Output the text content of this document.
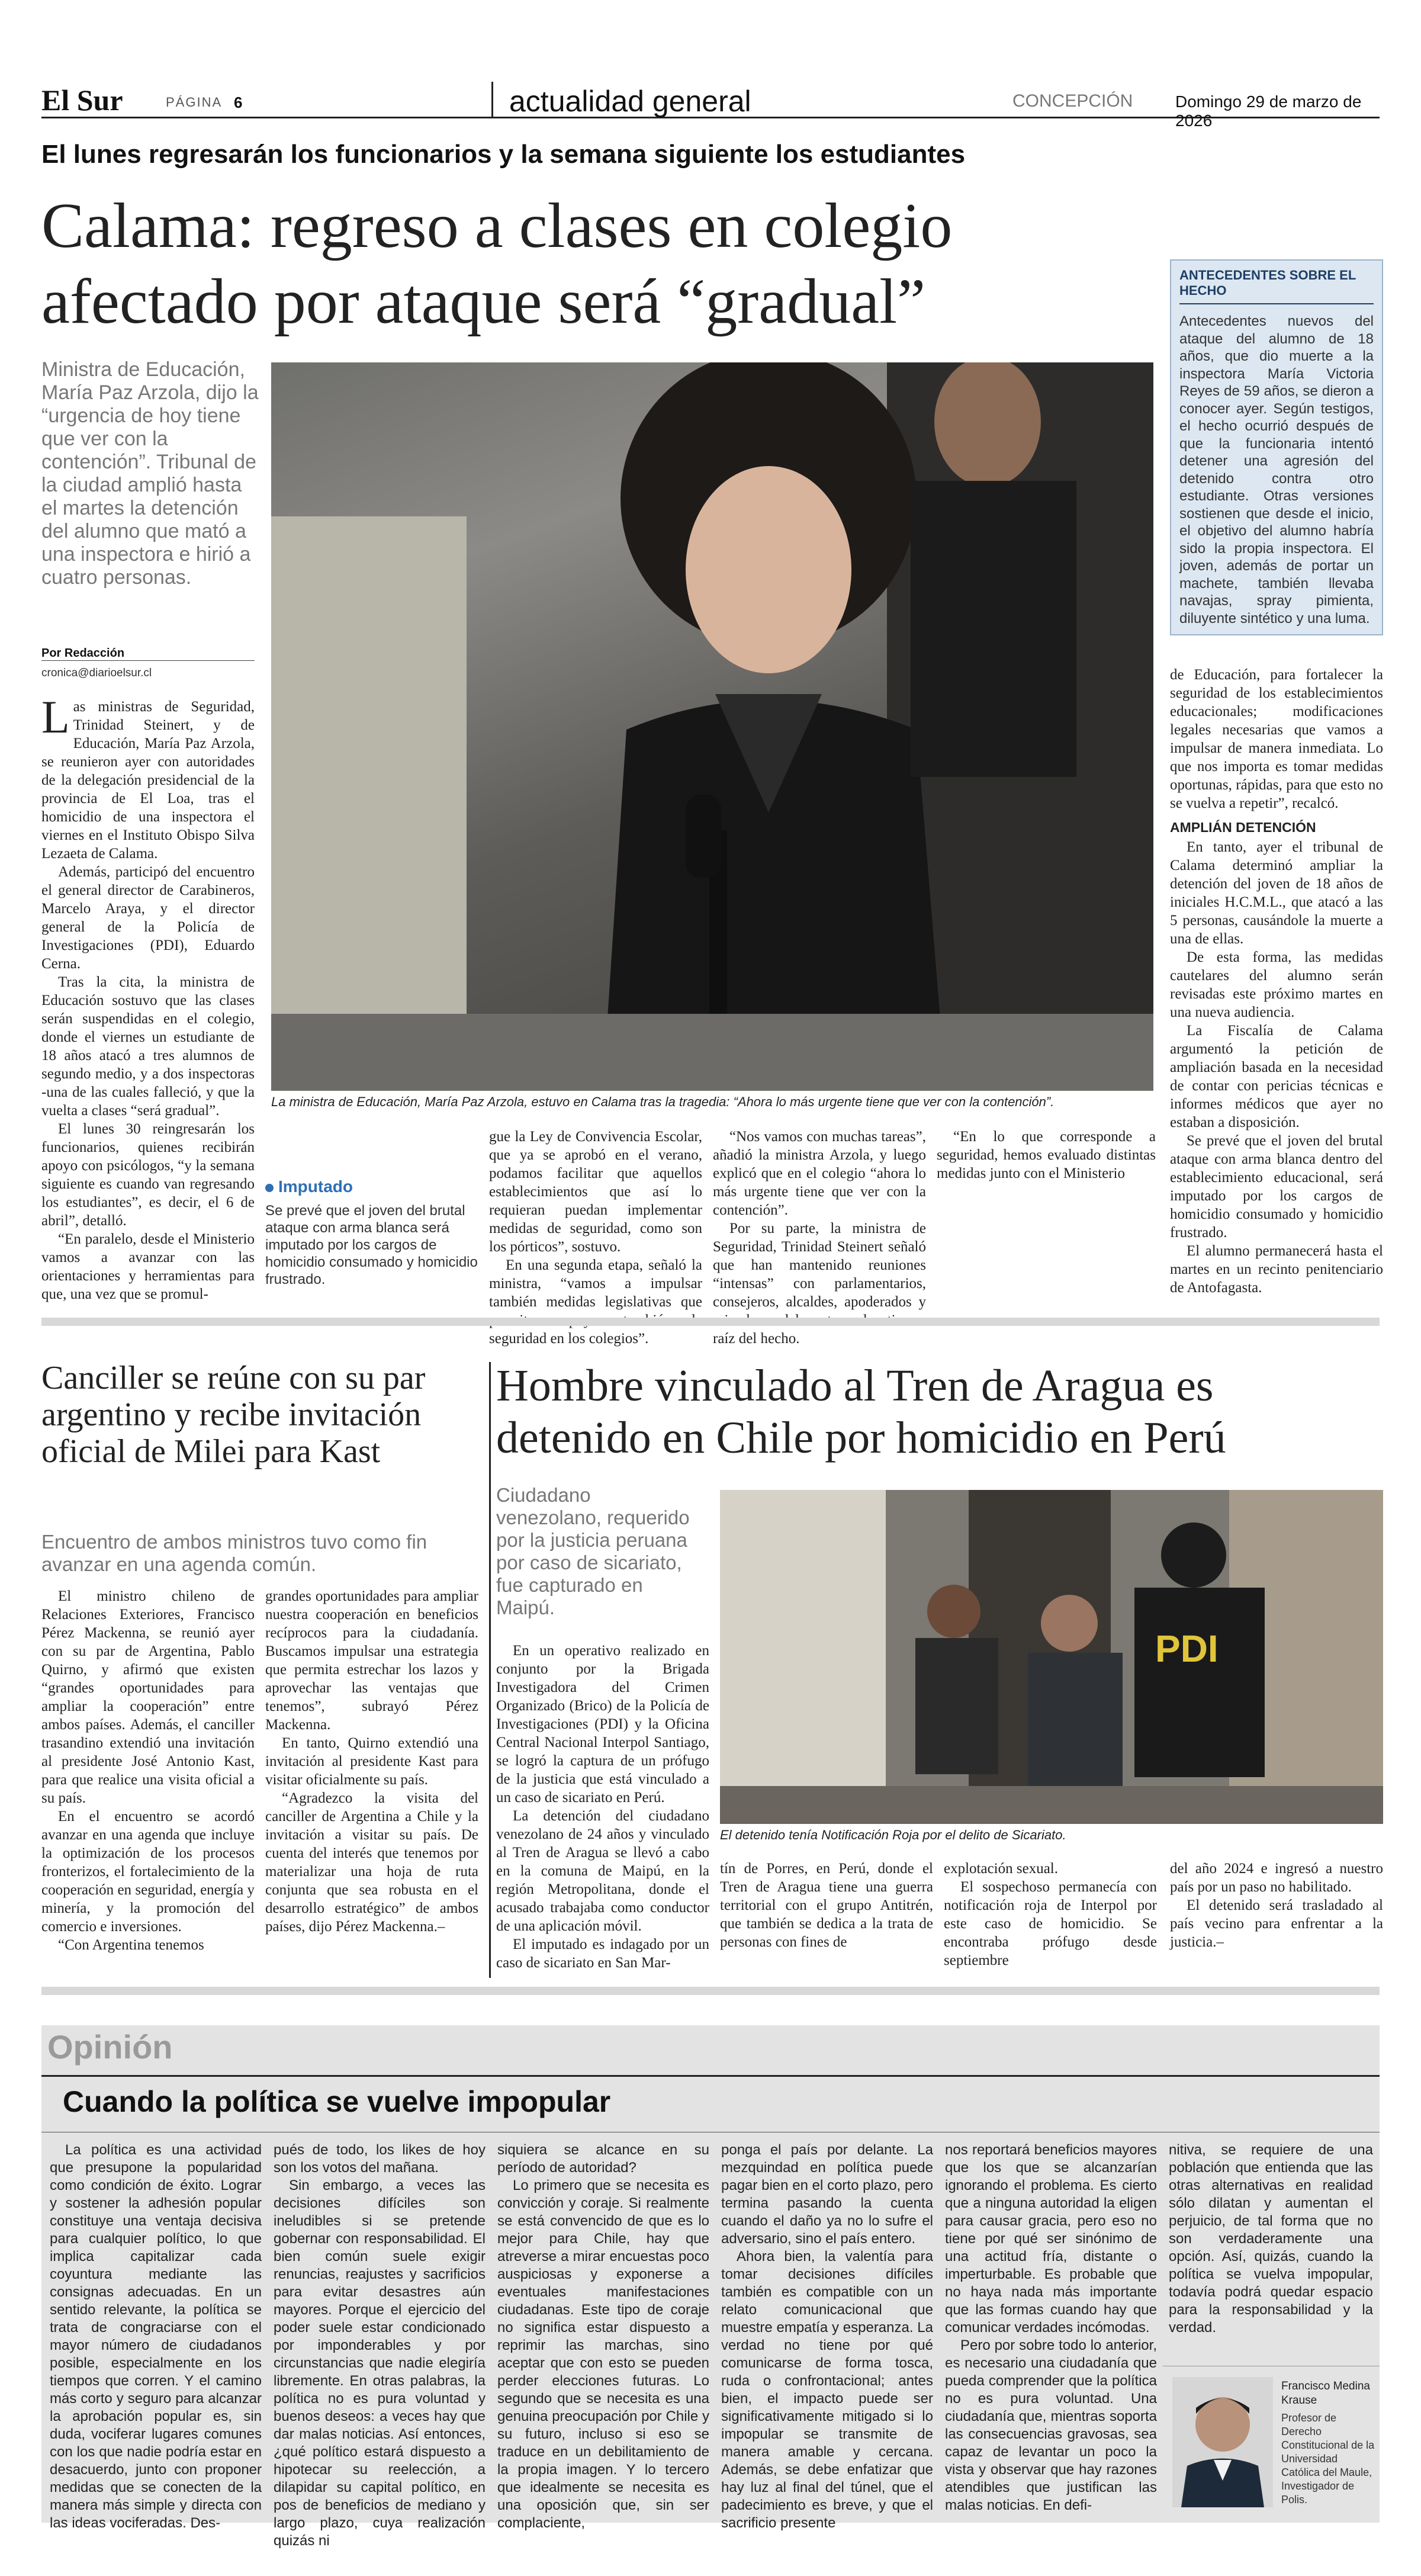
El Sur	PÁGINA 6	actualidad general	CONCEPCIÓN	Domingo 29 de marzo de 2026
El lunes regresarán los funcionarios y la semana siguiente los estudiantes
Calama: regreso a clases en colegio
afectado por ataque será “gradual”
Ministra de Educación, María Paz Arzola, dijo la “urgencia de hoy tiene que ver con la contención”. Tribunal de la ciudad amplió hasta el martes la detención del alumno que mató a una inspectora e hirió a cuatro personas.
Por Redacción
cronica@diarioelsur.cl
La ministra de Educación, María Paz Arzola, estuvo en Calama tras la tragedia: “Ahora lo más urgente tiene que ver con la contención”.

Las ministras de Seguridad, Trinidad Steinert, y de Educación, María Paz Arzola, se reunieron ayer con autoridades de la delegación presidencial de la provincia de El Loa, tras el homicidio de una inspectora el viernes en el Instituto Obispo Silva Lezaeta de Calama.

Además, participó del encuentro el general director de Carabineros, Marcelo Araya, y el director general de la Policía de Investigaciones (PDI), Eduardo Cerna.

Tras la cita, la ministra de Educación sostuvo que las clases serán suspendidas en el colegio, donde el viernes un estudiante de 18 años atacó a tres alumnos de segundo medio, y a dos inspectoras -una de las cuales falleció, y que la vuelta a clases “será gradual”.

El lunes 30 reingresarán los funcionarios, quienes recibirán apoyo con psicólogos, “y la semana siguiente es cuando van regresando los estudiantes”, es decir, el 6 de abril”, detalló.

“En paralelo, desde el Ministerio vamos a avanzar con las orientaciones y herramientas para que, una vez que se promul-

Imputado
Se prevé que el joven del brutal ataque con arma blanca será imputado por los cargos de homicidio consumado y homicidio frustrado.

gue la Ley de Convivencia Escolar, que ya se aprobó en el verano, podamos facilitar que aquellos establecimientos que así lo requieran puedan implementar medidas de seguridad, como son los pórticos”, sostuvo.

En una segunda etapa, señaló la ministra, “vamos a impulsar también medidas legislativas que seguridad en los colegios”.

“Nos vamos con muchas tareas”, añadió la ministra Arzola, y luego explicó que en el colegio “ahora lo más urgente tiene que ver con la contención”.

Por su parte, la ministra de Seguridad, Trinidad Steinert señaló que han mantenido reuniones “intensas” con parlamentarios, consejeros, alcaldes, apoderados y raíz del hecho.

“En lo que corresponde a seguridad, hemos evaluado distintas medidas junto con el Ministerio

ANTECEDENTES SOBRE EL HECHO
Antecedentes nuevos del ataque del alumno de 18 años, que dio muerte a la inspectora María Victoria Reyes de 59 años, se dieron a conocer ayer. Según testigos, el hecho ocurrió después de que la funcionaria intentó detener una agresión del detenido contra otro estudiante. Otras versiones sostienen que desde el inicio, el objetivo del alumno habría sido la propia inspectora. El joven, además de portar un machete, también llevaba navajas, spray pimienta, diluyente sintético y una luma.

de Educación, para fortalecer la seguridad de los establecimientos educacionales; modificaciones legales necesarias que vamos a impulsar de manera inmediata. Lo que nos importa es tomar medidas oportunas, rápidas, para que esto no se vuelva a repetir”, recalcó.

AMPLIÁN DETENCIÓN

En tanto, ayer el tribunal de Calama determinó ampliar la detención del joven de 18 años de iniciales H.C.M.L., que atacó a las 5 personas, causándole la muerte a una de ellas.

De esta forma, las medidas cautelares del alumno serán revisadas este próximo martes en una nueva audiencia.

La Fiscalía de Calama argumentó la petición de ampliación basada en la necesidad de contar con pericias técnicas e informes médicos que ayer no estaban a disposición.

Se prevé que el joven del brutal ataque con arma blanca dentro del establecimiento educacional, será imputado por los cargos de homicidio consumado y homicidio frustrado.

El alumno permanecerá hasta el martes en un recinto penitenciario de Antofagasta.

Canciller se reúne con su par argentino y recibe invitación oficial de Milei para Kast
Encuentro de ambos ministros tuvo como fin avanzar en una agenda común.

El ministro chileno de Relaciones Exteriores, Francisco Pérez Mackenna, se reunió ayer con su par de Argentina, Pablo Quirno, y afirmó que existen “grandes oportunidades para ampliar la cooperación” entre ambos países. Además, el canciller trasandino extendió una invitación al presidente José Antonio Kast, para que realice una visita oficial a su país.

En el encuentro se acordó avanzar en una agenda que incluye la optimización de los procesos fronterizos, el fortalecimiento de la cooperación en seguridad, energía y minería, y la promoción del comercio e inversiones.

“Con Argentina tenemos

grandes oportunidades para ampliar nuestra cooperación en beneficios recíprocos para la ciudadanía. Buscamos impulsar una estrategia que permita estrechar los lazos y aprovechar las ventajas que tenemos”, subrayó Pérez Mackenna.

En tanto, Quirno extendió una invitación al presidente Kast para visitar oficialmente su país.

“Agradezco la visita del canciller de Argentina a Chile y la invitación a visitar su país. De cuenta del interés que tenemos por materializar una hoja de ruta conjunta que sea robusta en el desarrollo estratégico” de ambos países, dijo Pérez Mackenna.–

Hombre vinculado al Tren de Aragua es
detenido en Chile por homicidio en Perú
Ciudadano venezolano, requerido por la justicia peruana por caso de sicariato, fue capturado en Maipú.
PDI
El detenido tenía Notificación Roja por el delito de Sicariato.

En un operativo realizado en conjunto por la Brigada Investigadora del Crimen Organizado (Brico) de la Policía de Investigaciones (PDI) y la Oficina Central Nacional Interpol Santiago, se logró la captura de un prófugo de la justicia que está vinculado a un caso de sicariato en Perú.

La detención del ciudadano venezolano de 24 años y vinculado al Tren de Aragua se llevó a cabo en la comuna de Maipú, en la región Metropolitana, donde el acusado trabajaba como conductor de una aplicación móvil.

El imputado es indagado por un caso de sicariato en San Mar-

tín de Porres, en Perú, donde el Tren de Aragua tiene una guerra territorial con el grupo Antitrén, que también se dedica a la trata de personas con fines de

explotación sexual.

El sospechoso permanecía con notificación roja de Interpol por este caso de homicidio. Se encontraba prófugo desde septiembre

del año 2024 e ingresó a nuestro país por un paso no habilitado.

El detenido será trasladado al país vecino para enfrentar a la justicia.–

Opinión
Cuando la política se vuelve impopular

La política es una actividad que presupone la popularidad como condición de éxito. Lograr y sostener la adhesión popular constituye una ventaja decisiva para cualquier político, lo que implica capitalizar cada coyuntura mediante las consignas adecuadas. En un sentido relevante, la política se trata de congraciarse con el mayor número de ciudadanos posible, especialmente en los tiempos que corren. Y el camino más corto y seguro para alcanzar la aprobación popular es, sin duda, vociferar lugares comunes con los que nadie podría estar en desacuerdo, junto con proponer medidas que se conecten de la manera más simple y directa con las ideas vociferadas. Des-

pués de todo, los likes de hoy son los votos del mañana.

Sin embargo, a veces las decisiones difíciles son ineludibles si se pretende gobernar con responsabilidad. El bien común suele exigir renuncias, reajustes y sacrificios para evitar desastres aún mayores. Porque el ejercicio del poder suele estar condicionado por imponderables y por circunstancias que nadie elegiría libremente. En otras palabras, la política no es pura voluntad y buenos deseos: a veces hay que dar malas noticias. Así entonces, ¿qué político estará dispuesto a hipotecar su reelección, a dilapidar su capital político, en pos de beneficios de mediano y largo plazo, cuya realización quizás ni

siquiera se alcance en su período de autoridad?

Lo primero que se necesita es convicción y coraje. Si realmente se está convencido de que es lo mejor para Chile, hay que atreverse a mirar encuestas poco auspiciosas y exponerse a eventuales manifestaciones ciudadanas. Este tipo de coraje no significa estar dispuesto a reprimir las marchas, sino aceptar que con esto se pueden perder elecciones futuras. Lo segundo que se necesita es una genuina preocupación por Chile y su futuro, incluso si eso se traduce en un debilitamiento de la propia imagen. Y lo tercero que idealmente se necesita es una oposición que, sin ser complaciente,

ponga el país por delante. La mezquindad en política puede pagar bien en el corto plazo, pero termina pasando la cuenta cuando el daño ya no lo sufre el adversario, sino el país entero.

Ahora bien, la valentía para tomar decisiones difíciles también es compatible con un relato comunicacional que muestre empatía y esperanza. La verdad no tiene por qué comunicarse de forma tosca, ruda o confrontacional; antes bien, el impacto puede ser significativamente mitigado si lo impopular se transmite de manera amable y cercana. Además, se debe enfatizar que hay luz al final del túnel, que el padecimiento es breve, y que el sacrificio presente

nos reportará beneficios mayores que los que se alcanzarían ignorando el problema. Es cierto que a ninguna autoridad la eligen para causar gracia, pero eso no tiene por qué ser sinónimo de una actitud fría, distante o imperturbable. Es probable que no haya nada más importante que las formas cuando hay que comunicar verdades incómodas.

Pero por sobre todo lo anterior, es necesario una ciudadanía que pueda comprender que la política no es pura voluntad. Una ciudadanía que, mientras soporta las consecuencias gravosas, sea capaz de levantar un poco la vista y observar que hay razones atendibles que justifican las malas noticias. En defi-

nitiva, se requiere de una población que entienda que las otras alternativas en realidad sólo dilatan y aumentan el perjuicio, de tal forma que no son verdaderamente una opción. Así, quizás, cuando la política se vuelva impopular, todavía podrá quedar espacio para la responsabilidad y la verdad.

Francisco Medina Krause
Profesor de Derecho Constitucional de la Universidad Católica del Maule, Investigador de Polis.
